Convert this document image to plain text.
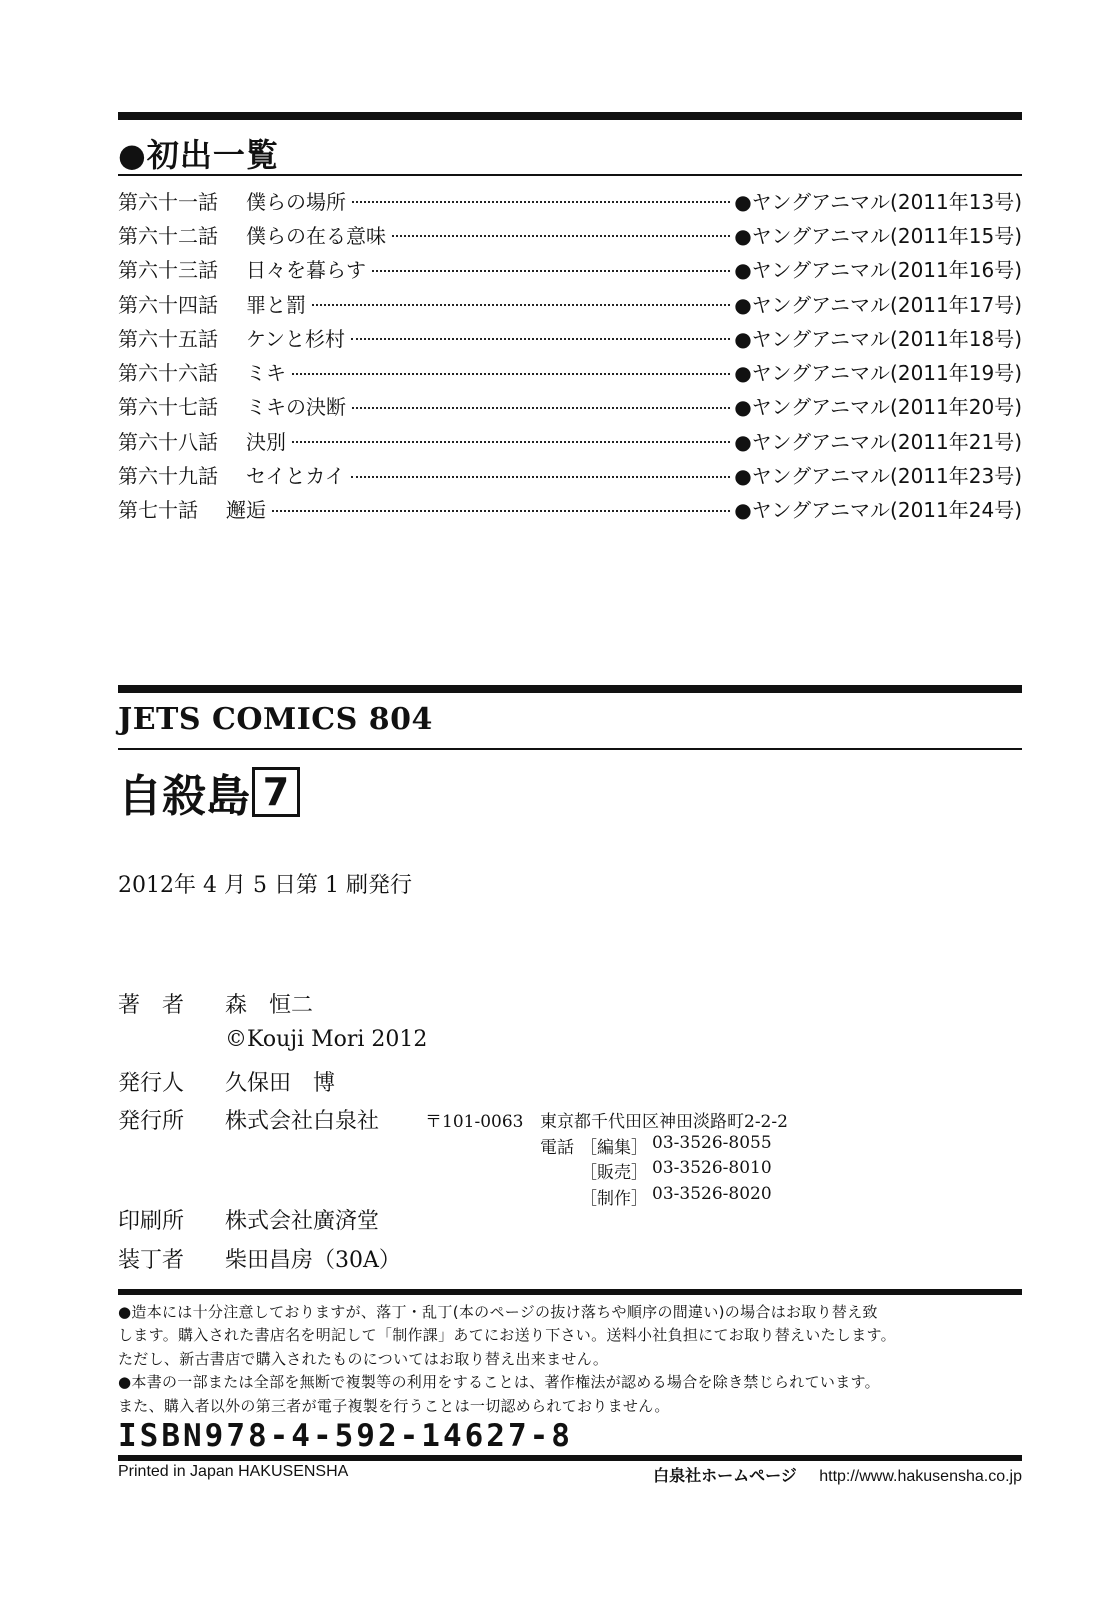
●初出一覧
第六十一話	僕らの場所	●ヤングアニマル(2011年13号)
第六十二話	僕らの在る意味	●ヤングアニマル(2011年15号)
第六十三話	日々を暮らす	●ヤングアニマル(2011年16号)
第六十四話	罪と罰	●ヤングアニマル(2011年17号)
第六十五話	ケンと杉村	●ヤングアニマル(2011年18号)
第六十六話	ミキ	●ヤングアニマル(2011年19号)
第六十七話	ミキの決断	●ヤングアニマル(2011年20号)
第六十八話	決別	●ヤングアニマル(2011年21号)
第六十九話	セイとカイ	●ヤングアニマル(2011年23号)
第七十話	邂逅	●ヤングアニマル(2011年24号)
JETS COMICS 804
自殺島 7
2012年 4 月 5 日第 1 刷発行
著　者 森　恒二
©Kouji Mori 2012
発行人 久保田　博
発行所 株式会社白泉社	〒101-0063 東京都千代田区神田淡路町2-2-2
電話 ［編集］ 03-3526-8055
［販売］ 03-3526-8010
［制作］ 03-3526-8020
印刷所 株式会社廣済堂
装丁者 柴田昌房（30A）
●造本には十分注意しておりますが、落丁・乱丁(本のページの抜け落ちや順序の間違い)の場合はお取り替え致
します。購入された書店名を明記して「制作課」あてにお送り下さい。送料小社負担にてお取り替えいたします。
ただし、新古書店で購入されたものについてはお取り替え出来ません。
●本書の一部または全部を無断で複製等の利用をすることは、著作権法が認める場合を除き禁じられています。
また、購入者以外の第三者が電子複製を行うことは一切認められておりません。
ISBN978-4-592-14627-8
Printed in Japan HAKUSENSHA	白泉社ホームページ http://www.hakusensha.co.jp
